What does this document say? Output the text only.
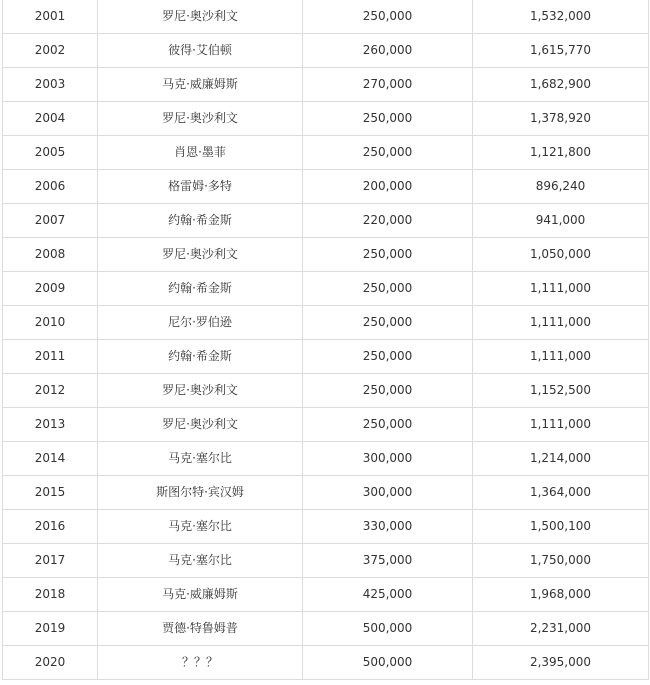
2001	罗尼·奥沙利文	250,000	1,532,000
2002	彼得·艾伯顿	260,000	1,615,770
2003	马克·威廉姆斯	270,000	1,682,900
2004	罗尼·奥沙利文	250,000	1,378,920
2005	肖恩·墨菲	250,000	1,121,800
2006	格雷姆·多特	200,000	896,240
2007	约翰·希金斯	220,000	941,000
2008	罗尼·奥沙利文	250,000	1,050,000
2009	约翰·希金斯	250,000	1,111,000
2010	尼尔·罗伯逊	250,000	1,111,000
2011	约翰·希金斯	250,000	1,111,000
2012	罗尼·奥沙利文	250,000	1,152,500
2013	罗尼·奥沙利文	250,000	1,111,000
2014	马克·塞尔比	300,000	1,214,000
2015	斯图尔特·宾汉姆	300,000	1,364,000
2016	马克·塞尔比	330,000	1,500,100
2017	马克·塞尔比	375,000	1,750,000
2018	马克·威廉姆斯	425,000	1,968,000
2019	贾德·特鲁姆普	500,000	2,231,000
2020	？？？	500,000	2,395,000
